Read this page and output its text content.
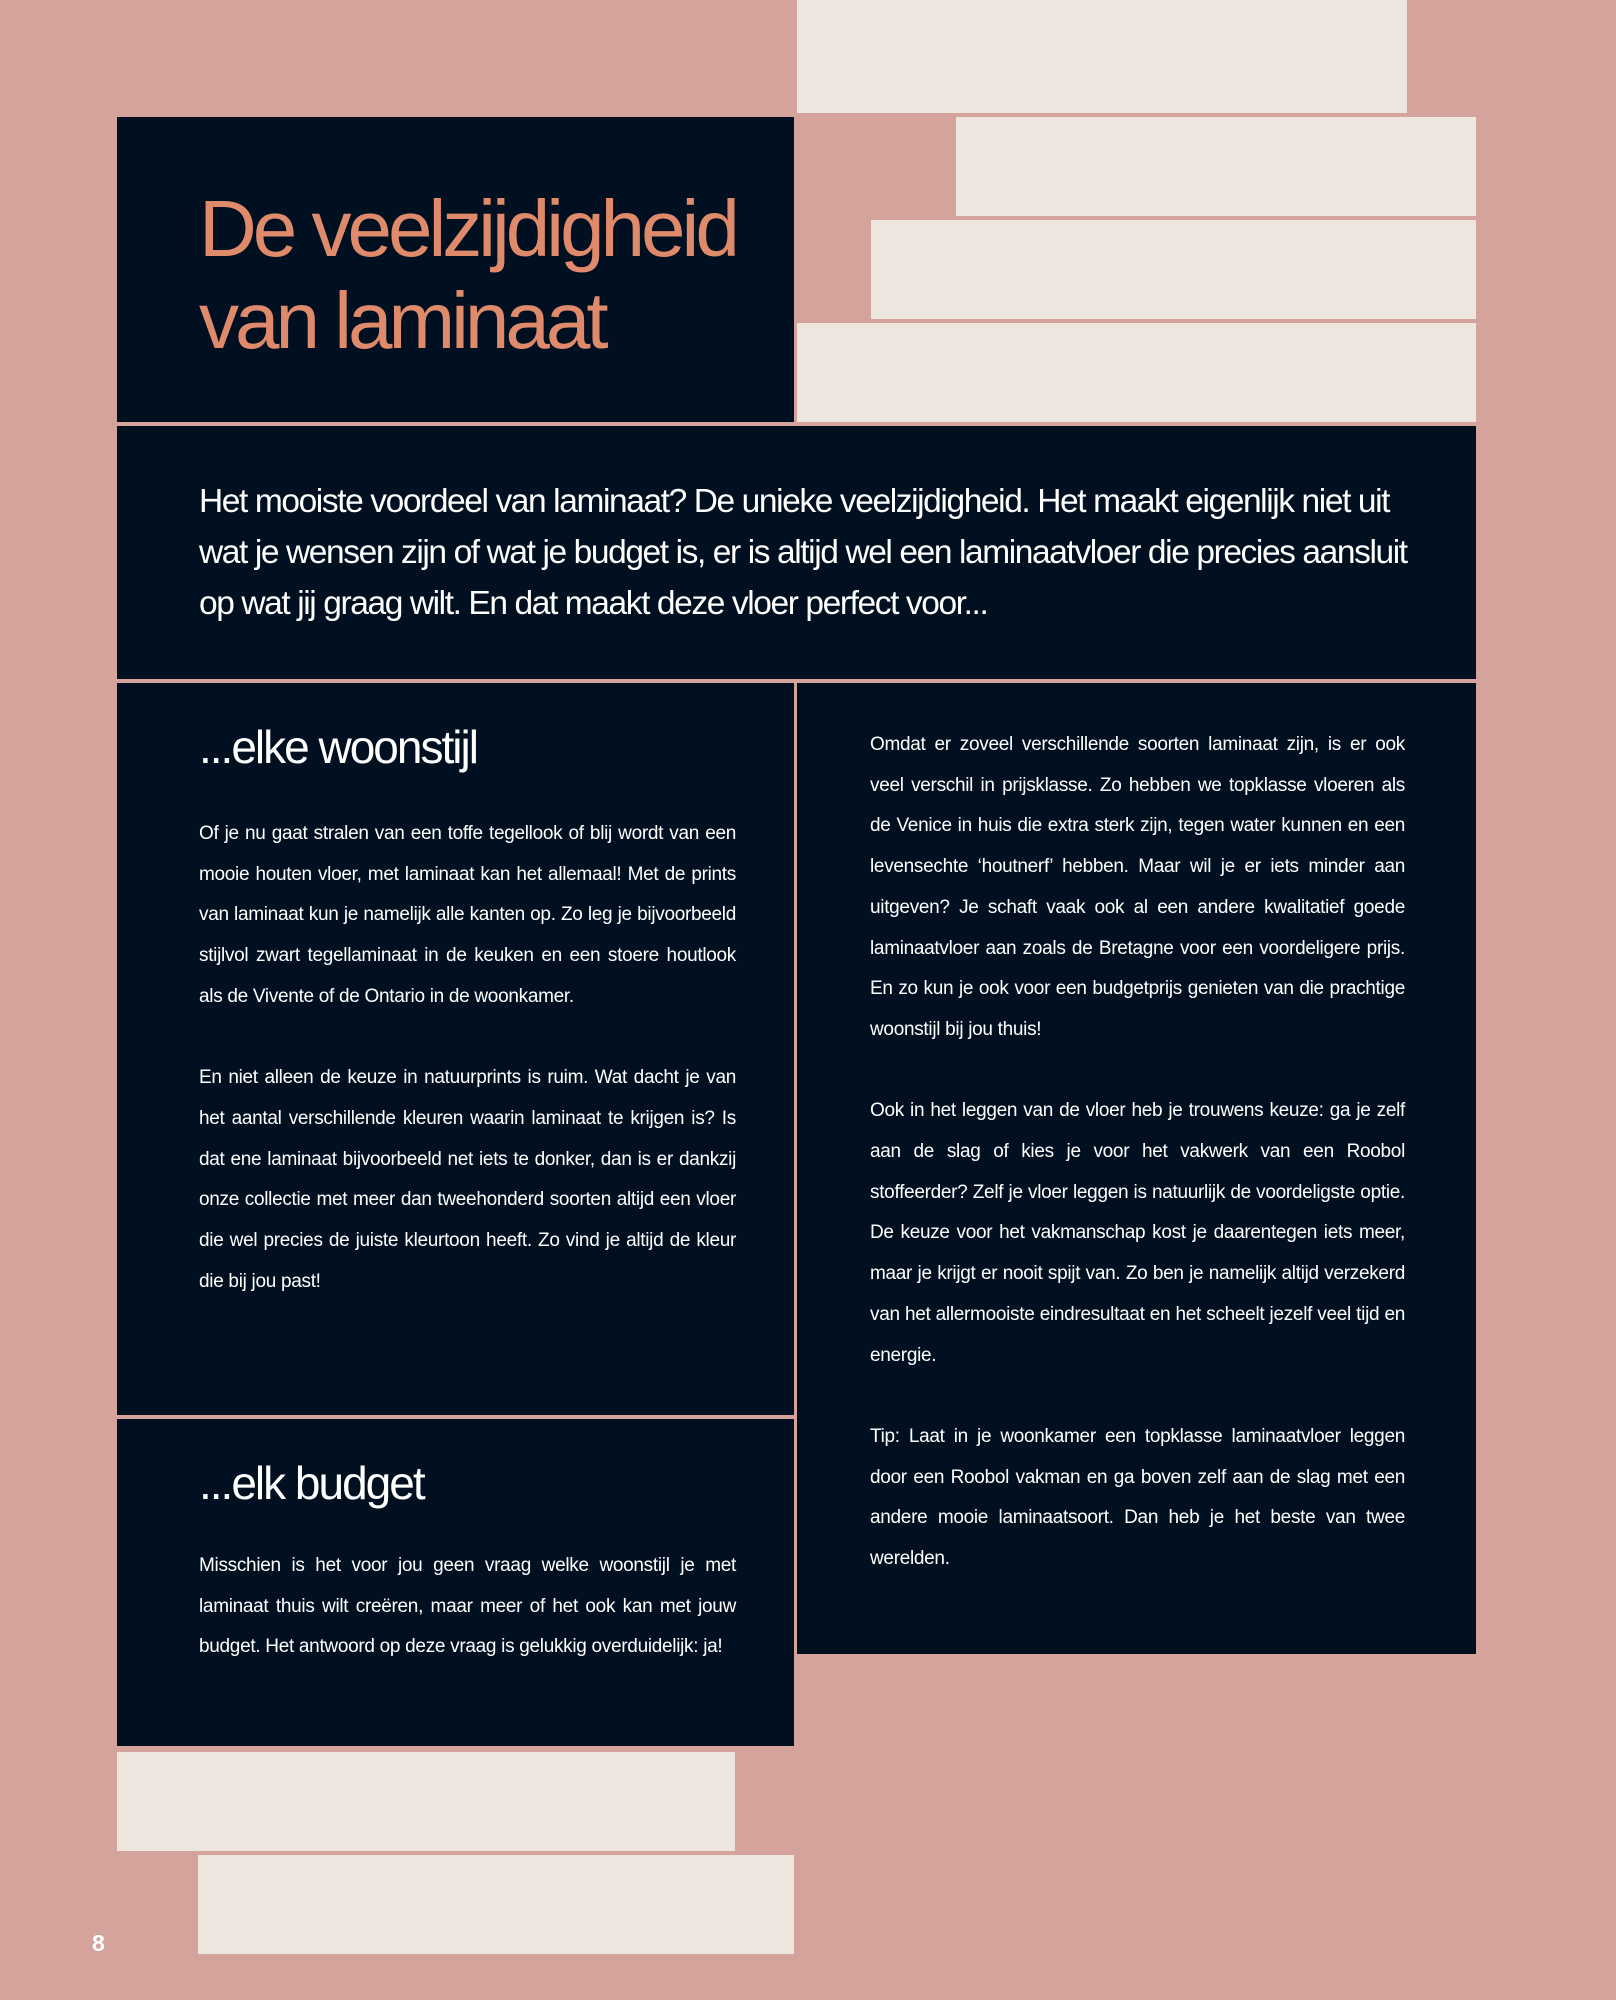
De veelzijdigheid
van laminaat

Het mooiste voordeel van laminaat? De unieke veelzijdigheid. Het maakt eigenlijk niet uit wat je wensen zijn of wat je budget is, er is altijd wel een laminaatvloer die precies aansluit op wat jij graag wilt. En dat maakt deze vloer perfect voor...

...elke woonstijl

Of je nu gaat stralen van een toffe tegellook of blij wordt van een mooie houten vloer, met laminaat kan het allemaal! Met de prints van laminaat kun je namelijk alle kanten op. Zo leg je bijvoorbeeld stijlvol zwart tegellaminaat in de keuken en een stoere houtlook als de Vivente of de Ontario in de woonkamer.

En niet alleen de keuze in natuurprints is ruim. Wat dacht je van het aantal verschillende kleuren waarin laminaat te krijgen is? Is dat ene laminaat bijvoorbeeld net iets te donker, dan is er dankzij onze collectie met meer dan tweehonderd soorten altijd een vloer die wel precies de juiste kleurtoon heeft. Zo vind je altijd de kleur die bij jou past!

...elk budget

Misschien is het voor jou geen vraag welke woonstijl je met laminaat thuis wilt creëren, maar meer of het ook kan met jouw budget. Het antwoord op deze vraag is gelukkig overduidelijk: ja!

Omdat er zoveel verschillende soorten laminaat zijn, is er ook veel verschil in prijsklasse. Zo hebben we topklasse vloeren als de Venice in huis die extra sterk zijn, tegen water kunnen en een levensechte ‘houtnerf’ hebben. Maar wil je er iets minder aan uitgeven? Je schaft vaak ook al een andere kwalitatief goede laminaatvloer aan zoals de Bretagne voor een voordeligere prijs. En zo kun je ook voor een budgetprijs genieten van die prachtige woonstijl bij jou thuis!

Ook in het leggen van de vloer heb je trouwens keuze: ga je zelf aan de slag of kies je voor het vakwerk van een Roobol stoffeerder? Zelf je vloer leggen is natuurlijk de voordeligste optie. De keuze voor het vakmanschap kost je daarentegen iets meer, maar je krijgt er nooit spijt van. Zo ben je namelijk altijd verzekerd van het allermooiste eindresultaat en het scheelt jezelf veel tijd en energie.

Tip: Laat in je woonkamer een topklasse laminaatvloer leggen door een Roobol vakman en ga boven zelf aan de slag met een andere mooie laminaatsoort. Dan heb je het beste van twee werelden.

8
